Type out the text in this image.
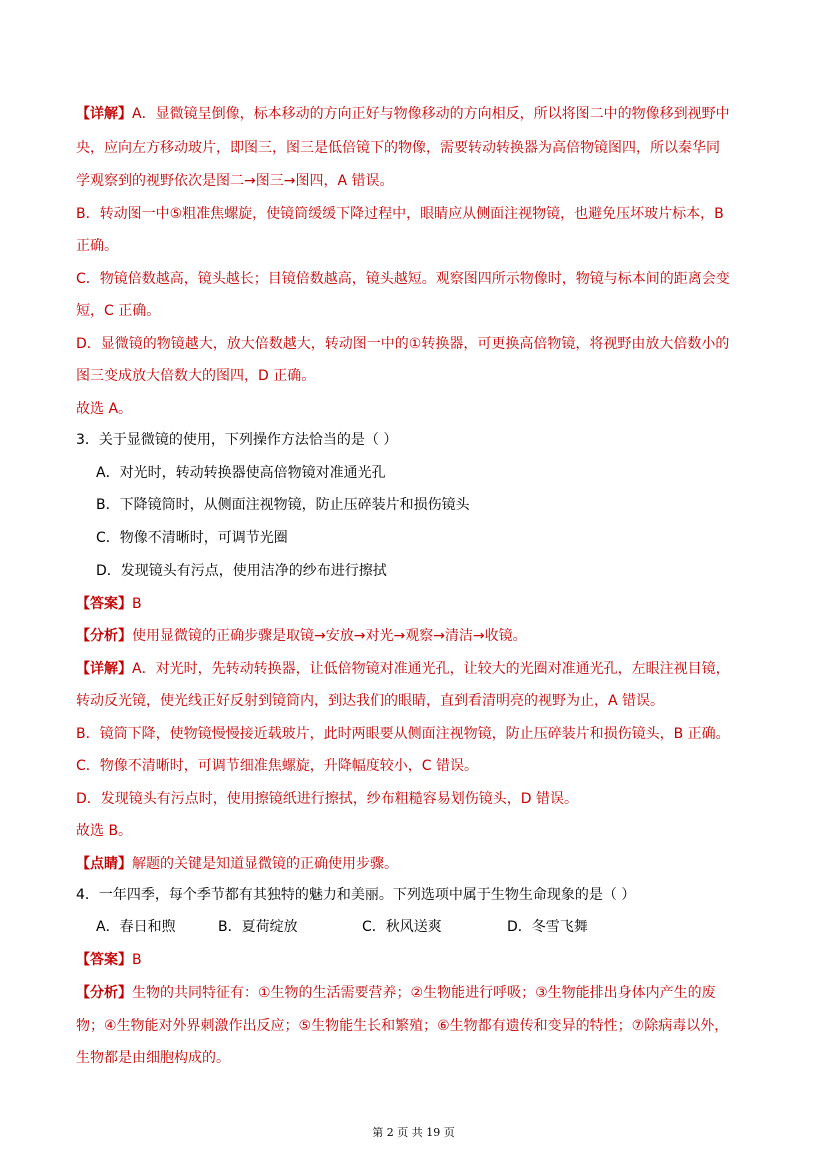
【详解】A．显微镜呈倒像，标本移动的方向正好与物像移动的方向相反，所以将图二中的物像移到视野中
央，应向左方移动玻片，即图三，图三是低倍镜下的物像，需要转动转换器为高倍物镜图四，所以秦华同
学观察到的视野依次是图二→图三→图四，A 错误。
B．转动图一中⑤粗准焦螺旋，使镜筒缓缓下降过程中，眼睛应从侧面注视物镜，也避免压坏玻片标本，B
正确。
C．物镜倍数越高，镜头越长；目镜倍数越高，镜头越短。观察图四所示物像时，物镜与标本间的距离会变
短，C 正确。
D．显微镜的物镜越大，放大倍数越大，转动图一中的①转换器，可更换高倍物镜，将视野由放大倍数小的
图三变成放大倍数大的图四，D 正确。
故选 A。
3．关于显微镜的使用，下列操作方法恰当的是（ ）
A．对光时，转动转换器使高倍物镜对准通光孔
B．下降镜筒时，从侧面注视物镜，防止压碎装片和损伤镜头
C．物像不清晰时，可调节光圈
D．发现镜头有污点，使用洁净的纱布进行擦拭
【答案】B
【分析】使用显微镜的正确步骤是取镜→安放→对光→观察→清洁→收镜。
【详解】A．对光时，先转动转换器，让低倍物镜对准通光孔，让较大的光圈对准通光孔，左眼注视目镜，
转动反光镜，使光线正好反射到镜筒内，到达我们的眼睛，直到看清明亮的视野为止，A 错误。
B．镜筒下降，使物镜慢慢接近载玻片，此时两眼要从侧面注视物镜，防止压碎装片和损伤镜头，B 正确。
C．物像不清晰时，可调节细准焦螺旋，升降幅度较小，C 错误。
D．发现镜头有污点时，使用擦镜纸进行擦拭，纱布粗糙容易划伤镜头，D 错误。
故选 B。
【点睛】解题的关键是知道显微镜的正确使用步骤。
4．一年四季，每个季节都有其独特的魅力和美丽。下列选项中属于生物生命现象的是（ ）
A．春日和煦	B．夏荷绽放	C．秋风送爽	D．冬雪飞舞
【答案】B
【分析】生物的共同特征有：①生物的生活需要营养；②生物能进行呼吸；③生物能排出身体内产生的废
物；④生物能对外界刺激作出反应；⑤生物能生长和繁殖；⑥生物都有遗传和变异的特性；⑦除病毒以外，
生物都是由细胞构成的。
第 2 页 共 19 页
